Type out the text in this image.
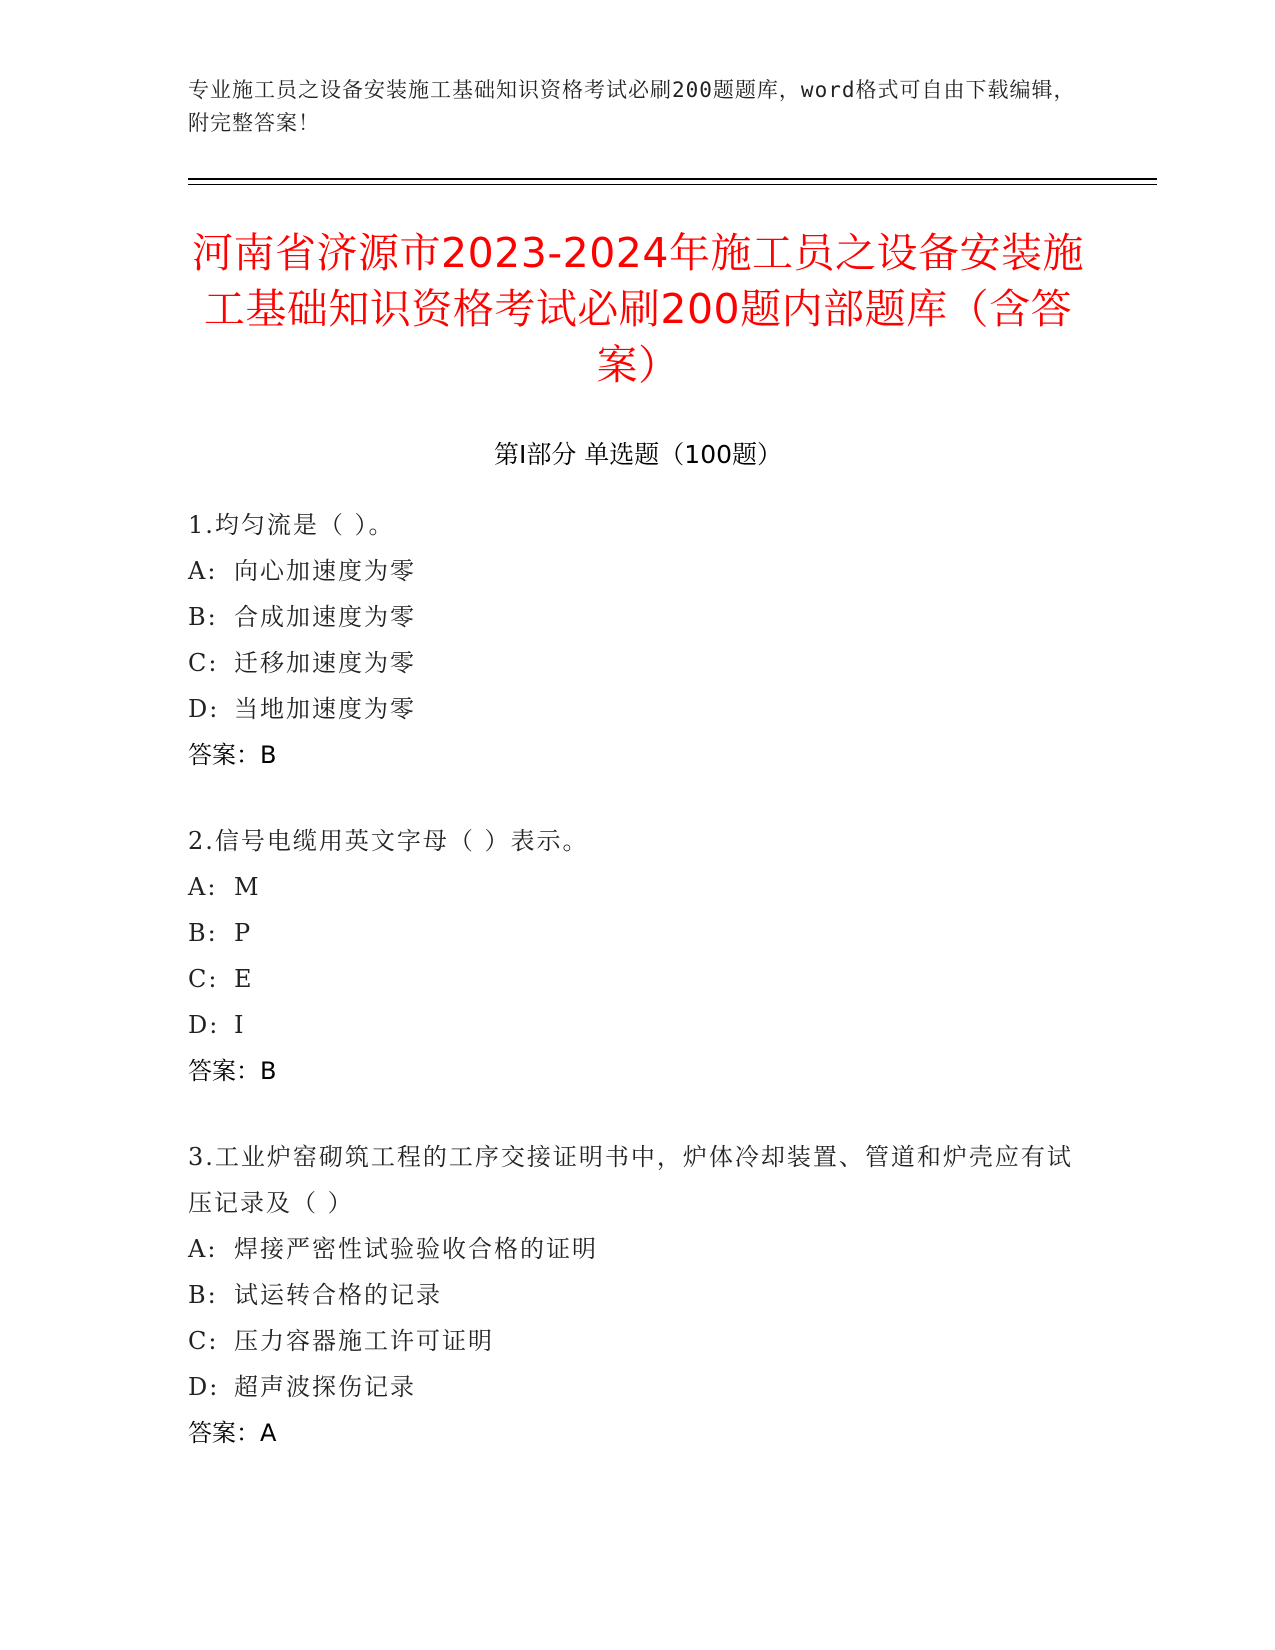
专业施工员之设备安装施工基础知识资格考试必刷200题题库，word格式可自由下载编辑，附完整答案！
河南省济源市2023-2024年施工员之设备安装施工基础知识资格考试必刷200题内部题库（含答案）
第Ⅰ部分 单选题（100题）
1.均匀流是（ ）。
A: 向心加速度为零
B: 合成加速度为零
C: 迁移加速度为零
D: 当地加速度为零
答案：B
2.信号电缆用英文字母（ ）表示。
A: M
B: P
C: E
D: I
答案：B
3.工业炉窑砌筑工程的工序交接证明书中，炉体冷却装置、管道和炉壳应有试压记录及（ ）
A: 焊接严密性试验验收合格的证明
B: 试运转合格的记录
C: 压力容器施工许可证明
D: 超声波探伤记录
答案：A
